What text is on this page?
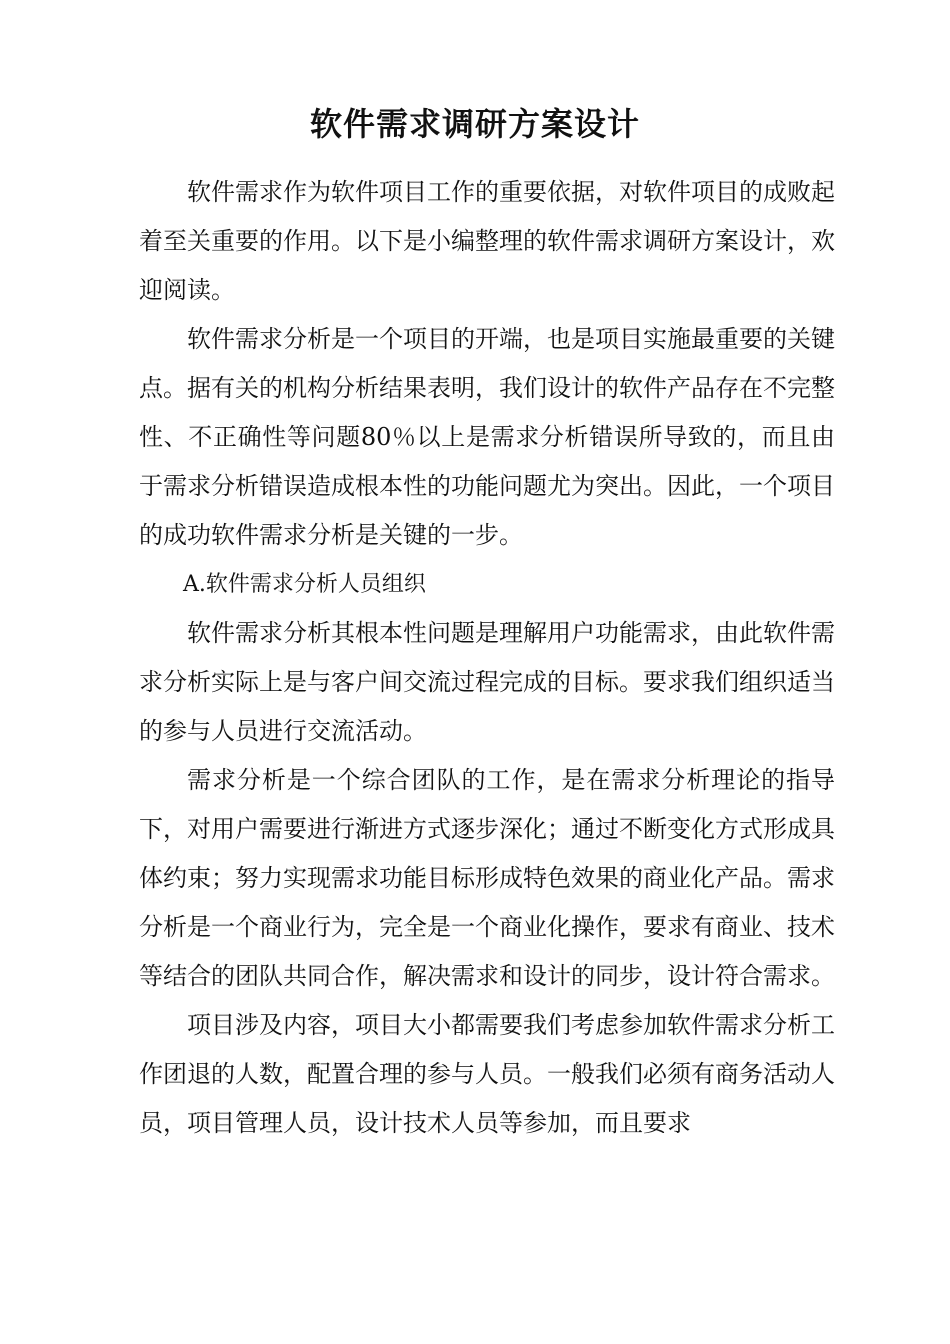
软件需求调研方案设计

软件需求作为软件项目工作的重要依据，对软件项目的成败起着至关重要的作用。以下是小编整理的软件需求调研方案设计，欢迎阅读。

软件需求分析是一个项目的开端，也是项目实施最重要的关键点。据有关的机构分析结果表明，我们设计的软件产品存在不完整性、不正确性等问题80％以上是需求分析错误所导致的，而且由于需求分析错误造成根本性的功能问题尤为突出。因此，一个项目的成功软件需求分析是关键的一步。

A.软件需求分析人员组织

软件需求分析其根本性问题是理解用户功能需求，由此软件需求分析实际上是与客户间交流过程完成的目标。要求我们组织适当的参与人员进行交流活动。

需求分析是一个综合团队的工作，是在需求分析理论的指导下，对用户需要进行渐进方式逐步深化；通过不断变化方式形成具体约束；努力实现需求功能目标形成特色效果的商业化产品。需求分析是一个商业行为，完全是一个商业化操作，要求有商业、技术等结合的团队共同合作，解决需求和设计的同步，设计符合需求。

项目涉及内容，项目大小都需要我们考虑参加软件需求分析工作团退的人数，配置合理的参与人员。一般我们必须有商务活动人员，项目管理人员，设计技术人员等参加，而且要求
